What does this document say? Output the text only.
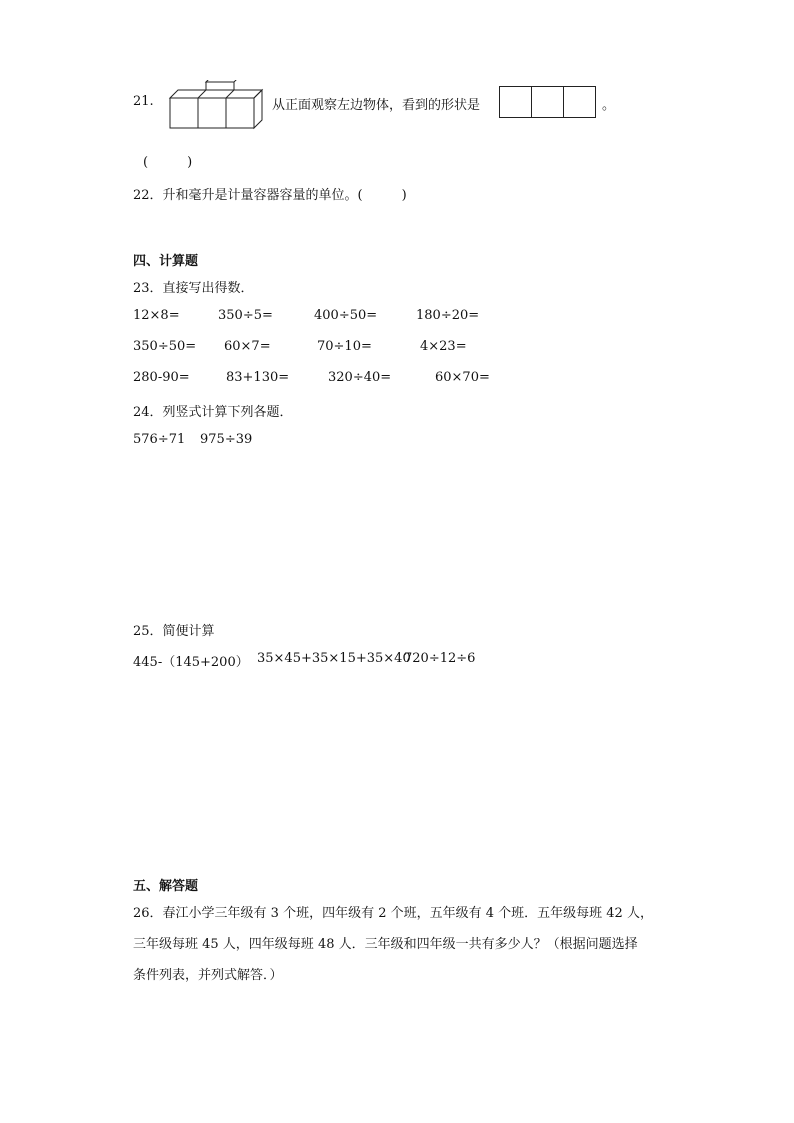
21.	从正面观察左边物体，看到的形状是	。
(　　　)
22．升和毫升是计量容器容量的单位。(　　　)
四、计算题
23．直接写出得数．
12×8=	350÷5=	400÷50=	180÷20=
350÷50= 60×7=	70÷10=	4×23=
280-90=	83+130=	320÷40=	60×70=
24．列竖式计算下列各题．
576÷71 975÷39
25．简便计算
445-（145+200） 35×45+35×15+35×40
720÷12÷6
五、解答题
26．春江小学三年级有 3 个班，四年级有 2 个班，五年级有 4 个班．五年级每班 42 人，
三年级每班 45 人，四年级每班 48 人．三年级和四年级一共有多少人？（根据问题选择
条件列表，并列式解答．）
